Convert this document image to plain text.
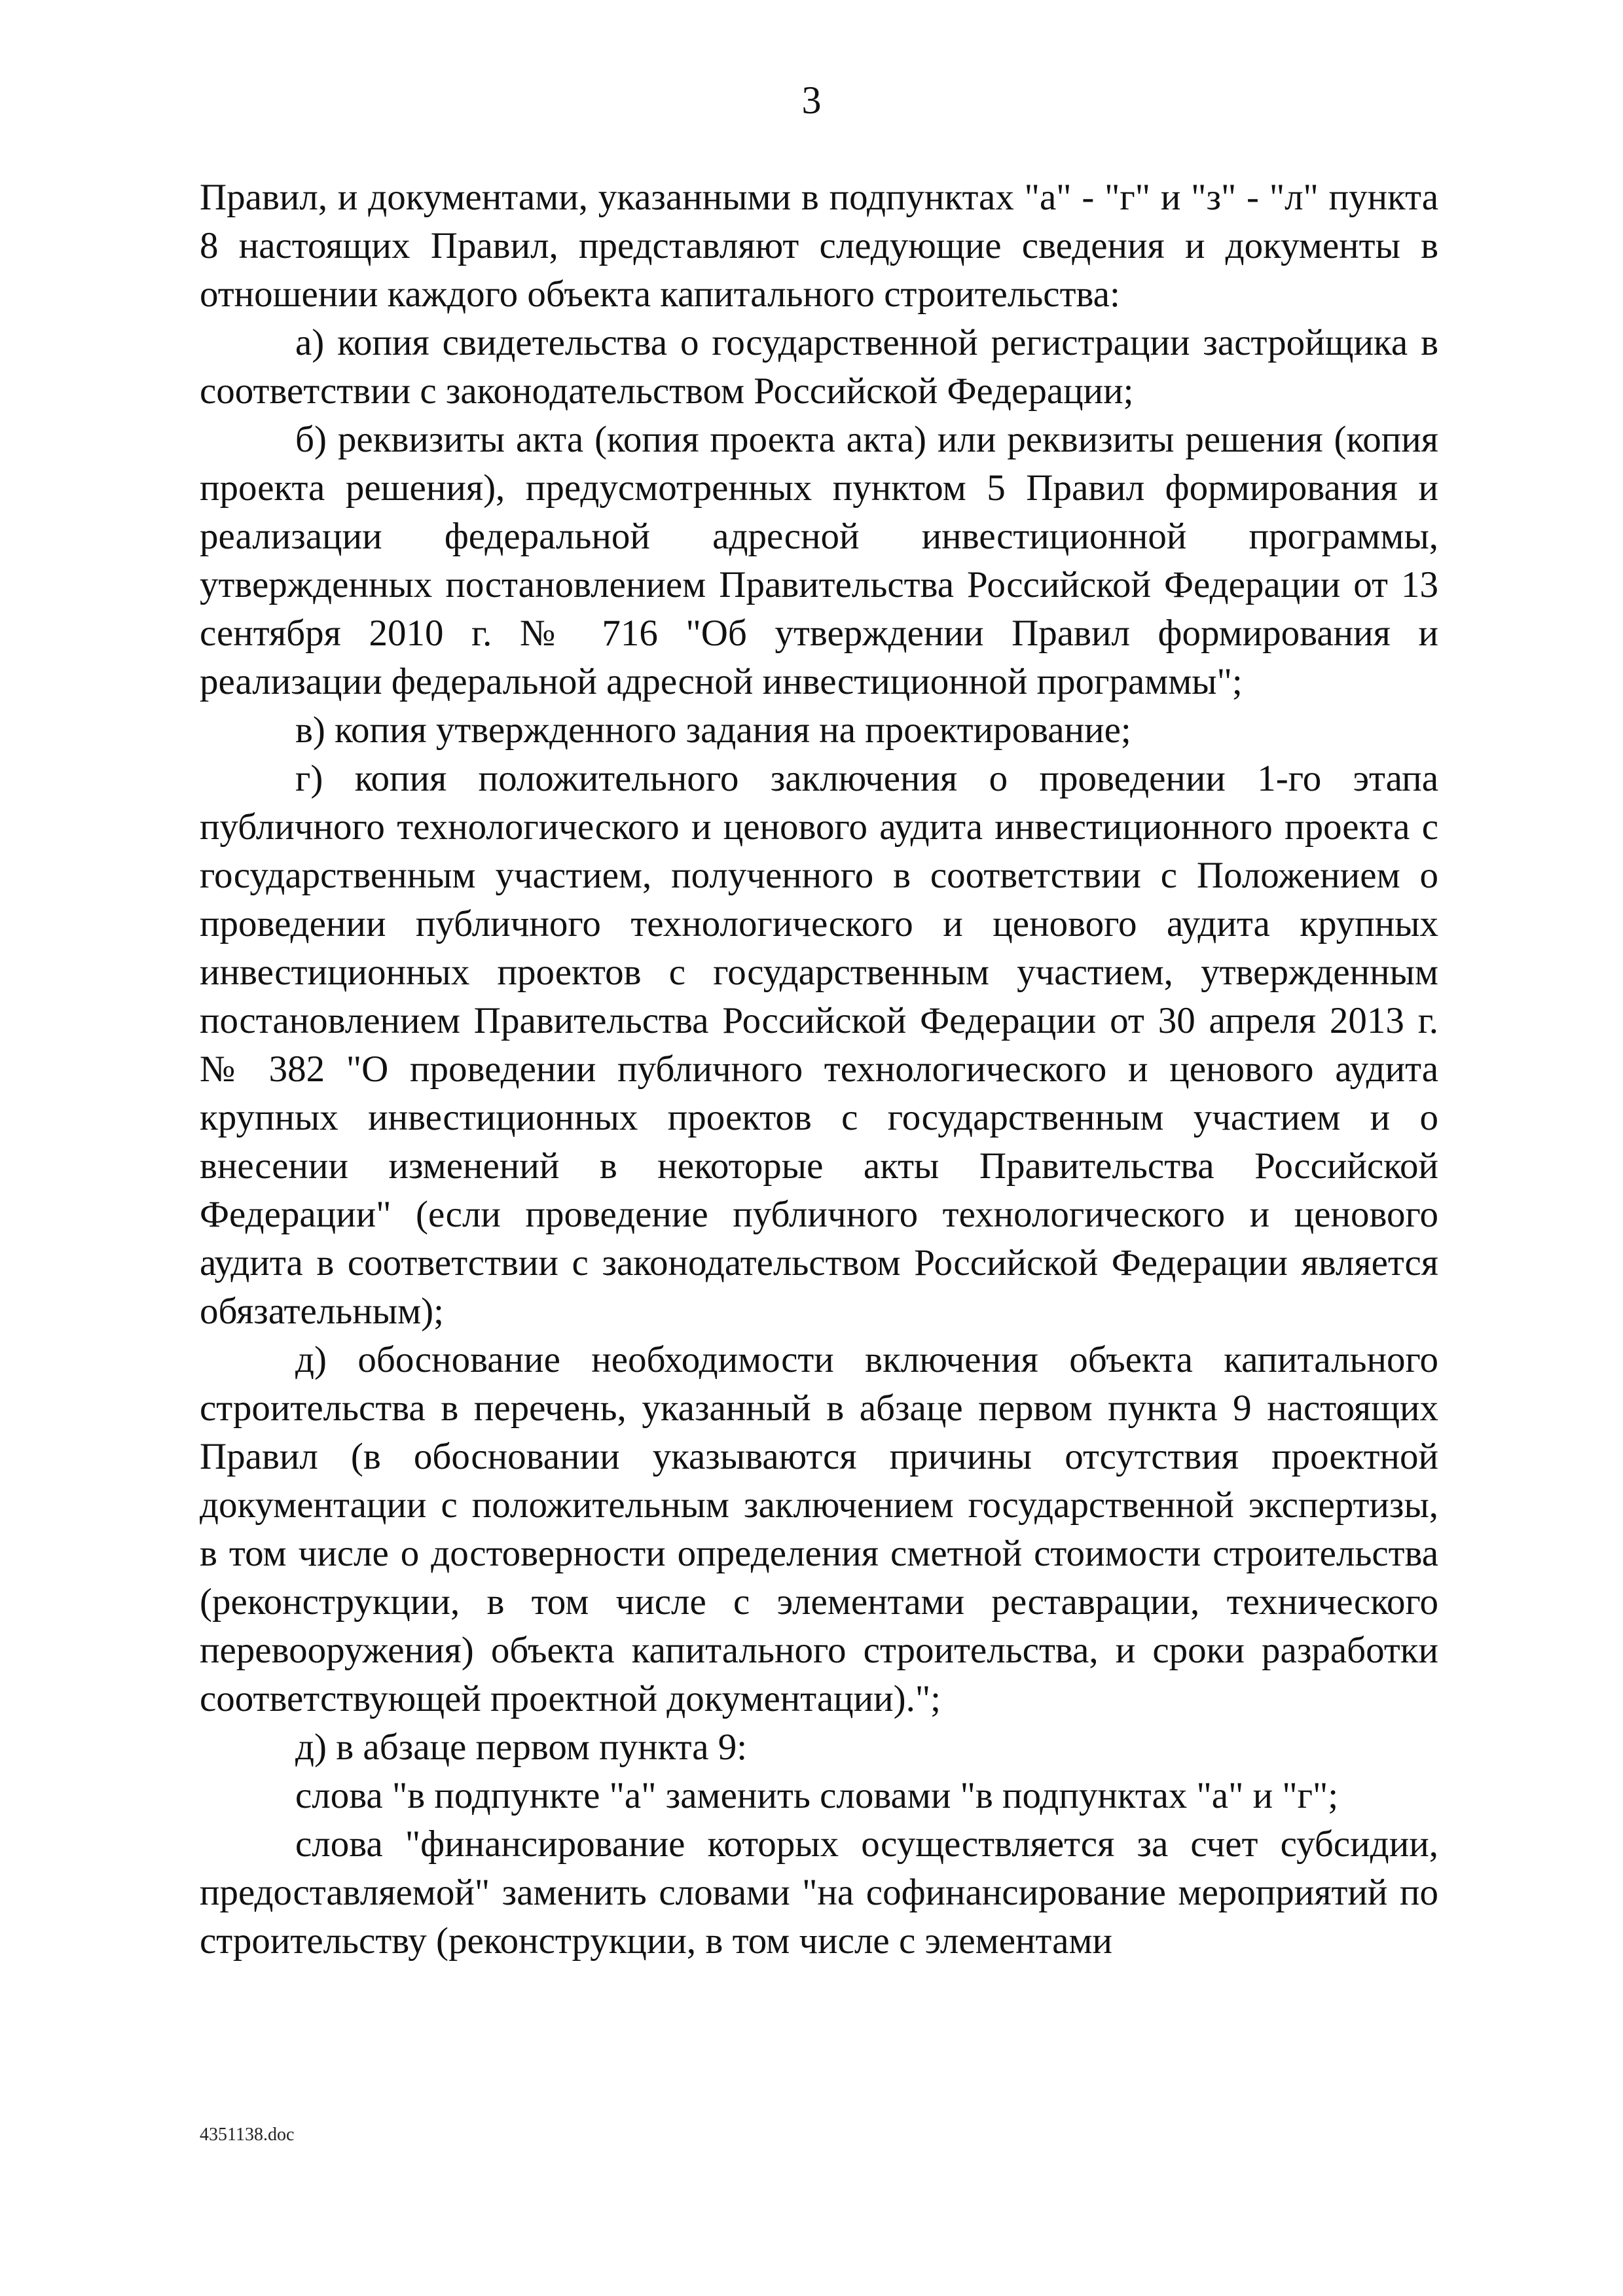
3

Правил, и документами, указанными в подпунктах "а" - "г" и "з" - "л" пункта 8 настоящих Правил, представляют следующие сведения и документы в отношении каждого объекта капитального строительства:

а) копия свидетельства о государственной регистрации застройщика в соответствии с законодательством Российской Федерации;

б) реквизиты акта (копия проекта акта) или реквизиты решения (копия проекта решения), предусмотренных пунктом 5 Правил формирования и реализации федеральной адресной инвестиционной программы, утвержденных постановлением Правительства Российской Федерации от 13 сентября 2010 г. № 716 "Об утверждении Правил формирования и реализации федеральной адресной инвестиционной программы";

в) копия утвержденного задания на проектирование;

г) копия положительного заключения о проведении 1-го этапа публичного технологического и ценового аудита инвестиционного проекта с государственным участием, полученного в соответствии с Положением о проведении публичного технологического и ценового аудита крупных инвестиционных проектов с государственным участием, утвержденным постановлением Правительства Российской Федерации от 30 апреля 2013 г. № 382 "О проведении публичного технологического и ценового аудита крупных инвестиционных проектов с государственным участием и о внесении изменений в некоторые акты Правительства Российской Федерации" (если проведение публичного технологического и ценового аудита в соответствии с законодательством Российской Федерации является обязательным);

д) обоснование необходимости включения объекта капитального строительства в перечень, указанный в абзаце первом пункта 9 настоящих Правил (в обосновании указываются причины отсутствия проектной документации с положительным заключением государственной экспертизы, в том числе о достоверности определения сметной стоимости строительства (реконструкции, в том числе с элементами реставрации, технического перевооружения) объекта капитального строительства, и сроки разработки соответствующей проектной документации).";

д) в абзаце первом пункта 9:

слова "в подпункте "а" заменить словами "в подпунктах "а" и "г";

слова "финансирование которых осуществляется за счет субсидии, предоставляемой" заменить словами "на софинансирование мероприятий по строительству (реконструкции, в том числе с элементами

4351138.doc
